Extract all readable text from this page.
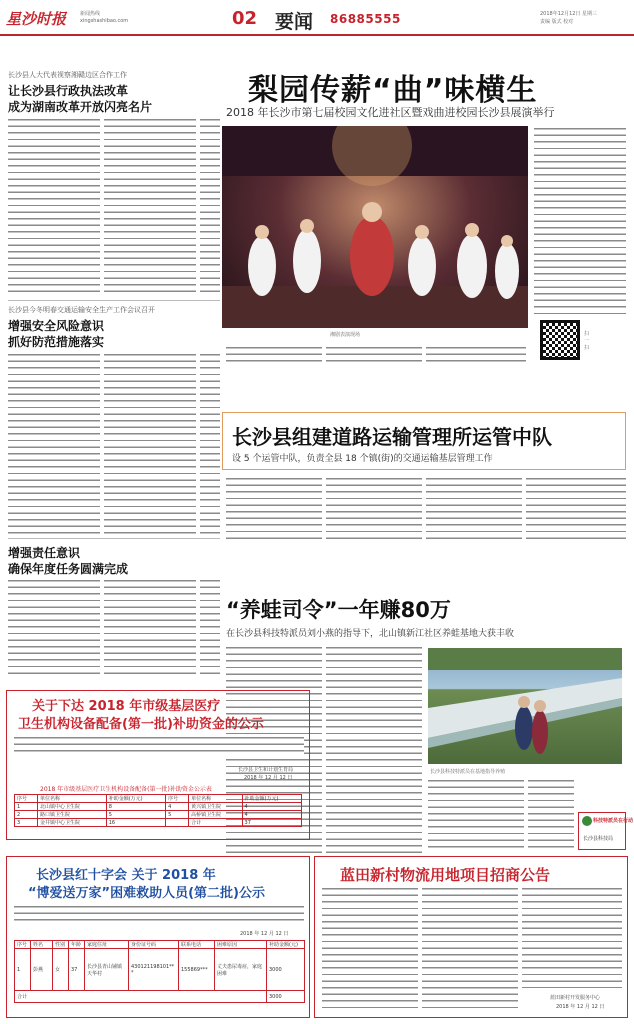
星沙时报	新闻热线
xingshashibao.com	02 要闻 86885555	2018年12月12日 星期三
责编 版式 校对
长沙县人大代表视察湘赣边区合作工作
让长沙县行政执法改革
成为湖南改革开放闪亮名片
长沙县今冬明春交通运输安全生产工作会议召开
增强安全风险意识
抓好防范措施落实
增强责任意识
确保年度任务圆满完成
梨园传薪“曲”味横生
2018 年长沙市第七届校园文化进社区暨戏曲进校园长沙县展演举行
湘剧表演现场	扫一扫
长沙县组建道路运输管理所运管中队
设 5 个运管中队，负责全县 18 个镇(街)的交通运输基层管理工作
“养蛙司令”一年赚80万
在长沙县科技特派员刘小燕的指导下，北山镇新江社区养蛙基地大获丰收
长沙县科技特派员在基地指导养殖
科技特派员在行动
长沙县科技局
关于下达 2018 年市级基层医疗
卫生机构设备配备(第一批)补助资金的公示
长沙县卫生和计划生育局
2018 年 12 月 12 日
2018 年市级基层医疗卫生机构设备配备(第一批)补助资金公示表
序号	单位名称	补助金额(万元)	序号	单位名称	补助金额(万元)
1	北山镇中心卫生院	8	4	黄兴镇卫生院	4
2	路口镇卫生院	5	5	高桥镇卫生院	4
3	金井镇中心卫生院	16		合计	37
长沙县红十字会 关于 2018 年
“博爱送万家”困难救助人员(第二批)公示
2018 年 12 月 12 日
序号	姓名	性别	年龄	家庭住址	身份证号码	联系电话	困难原因	补助金额(元)
1	彭燕	女	37	长沙县青山铺镇天华村	430121198101***	155869***	丈夫患尿毒症，家庭困难	3000
合计								3000
蓝田新村物流用地项目招商公告
蓝田新村开发服务中心
2018 年 12 月 12 日
